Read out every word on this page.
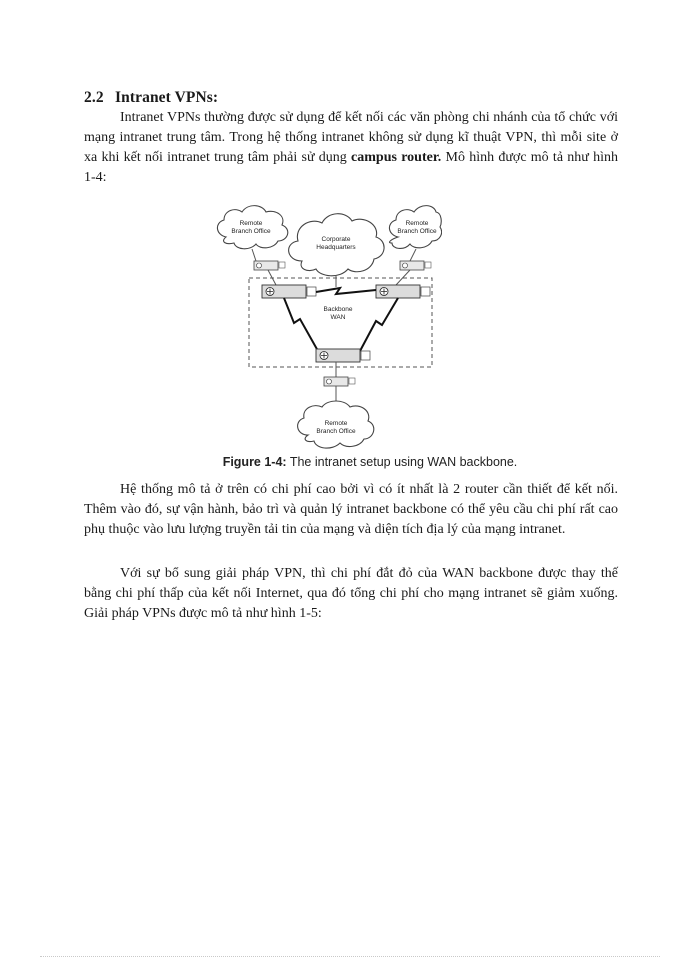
2.2 Intranet VPNs:

Intranet VPNs thường được sử dụng để kết nối các văn phòng chi nhánh của tổ chức với mạng intranet trung tâm. Trong hệ thống intranet không sử dụng kĩ thuật VPN, thì mỗi site ở xa khi kết nối intranet trung tâm phải sử dụng campus router. Mô hình được mô tả như hình 1-4:

Remote
Branch Office
Corporate
Headquarters
Remote
Branch Office
Backbone
WAN
Remote
Branch Office
Figure 1-4: The intranet setup using WAN backbone.

Hệ thống mô tả ở trên có chi phí cao bởi vì có ít nhất là 2 router cần thiết để kết nối. Thêm vào đó, sự vận hành, bảo trì và quản lý intranet backbone có thể yêu cầu chi phí rất cao phụ thuộc vào lưu lượng truyền tải tin của mạng và diện tích địa lý của mạng intranet.

Với sự bổ sung giải pháp VPN, thì chi phí đắt đỏ của WAN backbone được thay thế bằng chi phí thấp của kết nối Internet, qua đó tổng chi phí cho mạng intranet sẽ giảm xuống. Giải pháp VPNs được mô tả như hình 1-5:
